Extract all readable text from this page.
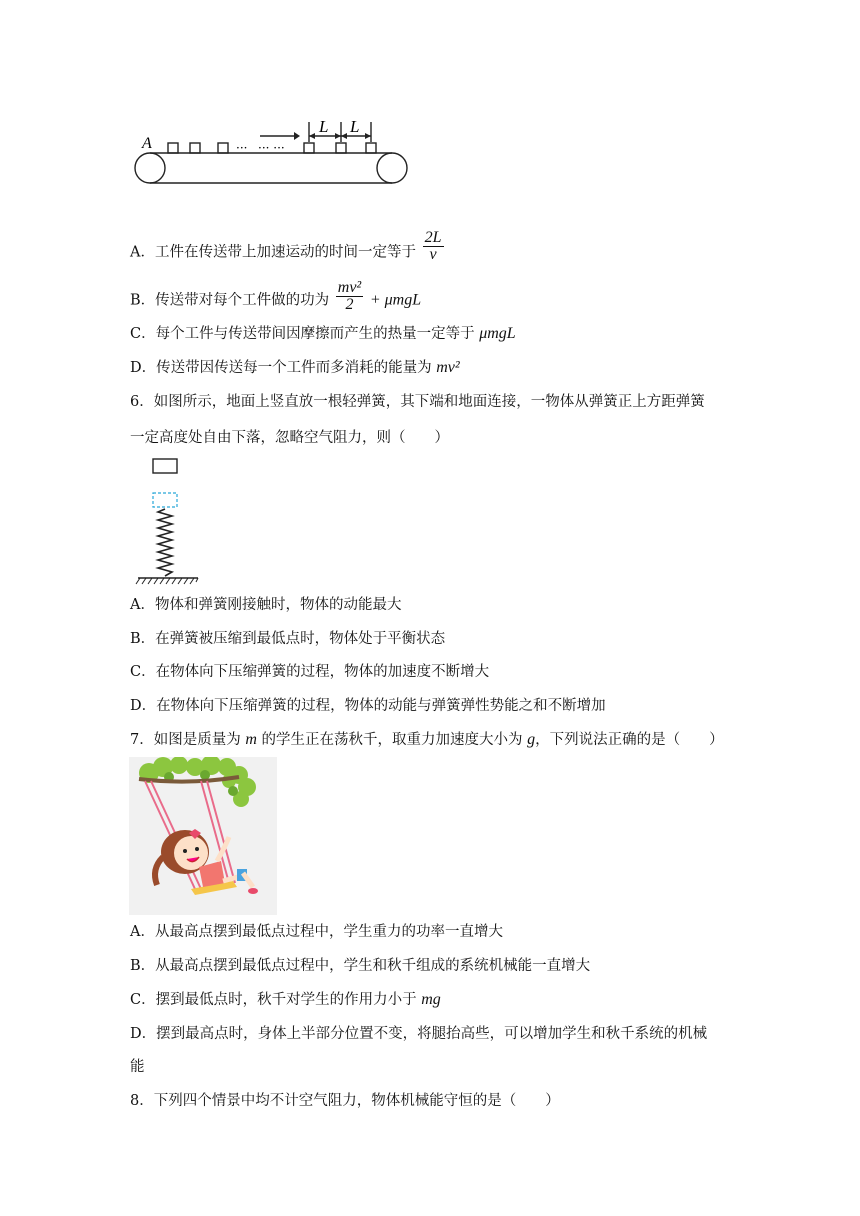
A
L L
··· ··· ···
A．工件在传送带上加速运动的时间一定等于 $\frac{2L}{v}$
B．传送带对每个工件做的功为 $\frac{\text{mv²}}{2} + \mu mgL$
C．每个工件与传送带间因摩擦而产生的热量一定等于 μmgL
D．传送带因传送每一个工件而多消耗的能量为 mv²
6．如图所示，地面上竖直放一根轻弹簧，其下端和地面连接，一物体从弹簧正上方距弹簧
一定高度处自由下落，忽略空气阻力，则（　　）
A．物体和弹簧刚接触时，物体的动能最大
B．在弹簧被压缩到最低点时，物体处于平衡状态
C．在物体向下压缩弹簧的过程，物体的加速度不断增大
D．在物体向下压缩弹簧的过程，物体的动能与弹簧弹性势能之和不断增加
7．如图是质量为 m 的学生正在荡秋千，取重力加速度大小为 g，下列说法正确的是（　　）
A．从最高点摆到最低点过程中，学生重力的功率一直增大
B．从最高点摆到最低点过程中，学生和秋千组成的系统机械能一直增大
C．摆到最低点时，秋千对学生的作用力小于 mg
D．摆到最高点时，身体上半部分位置不变，将腿抬高些，可以增加学生和秋千系统的机械
能
8．下列四个情景中均不计空气阻力，物体机械能守恒的是（　　）
